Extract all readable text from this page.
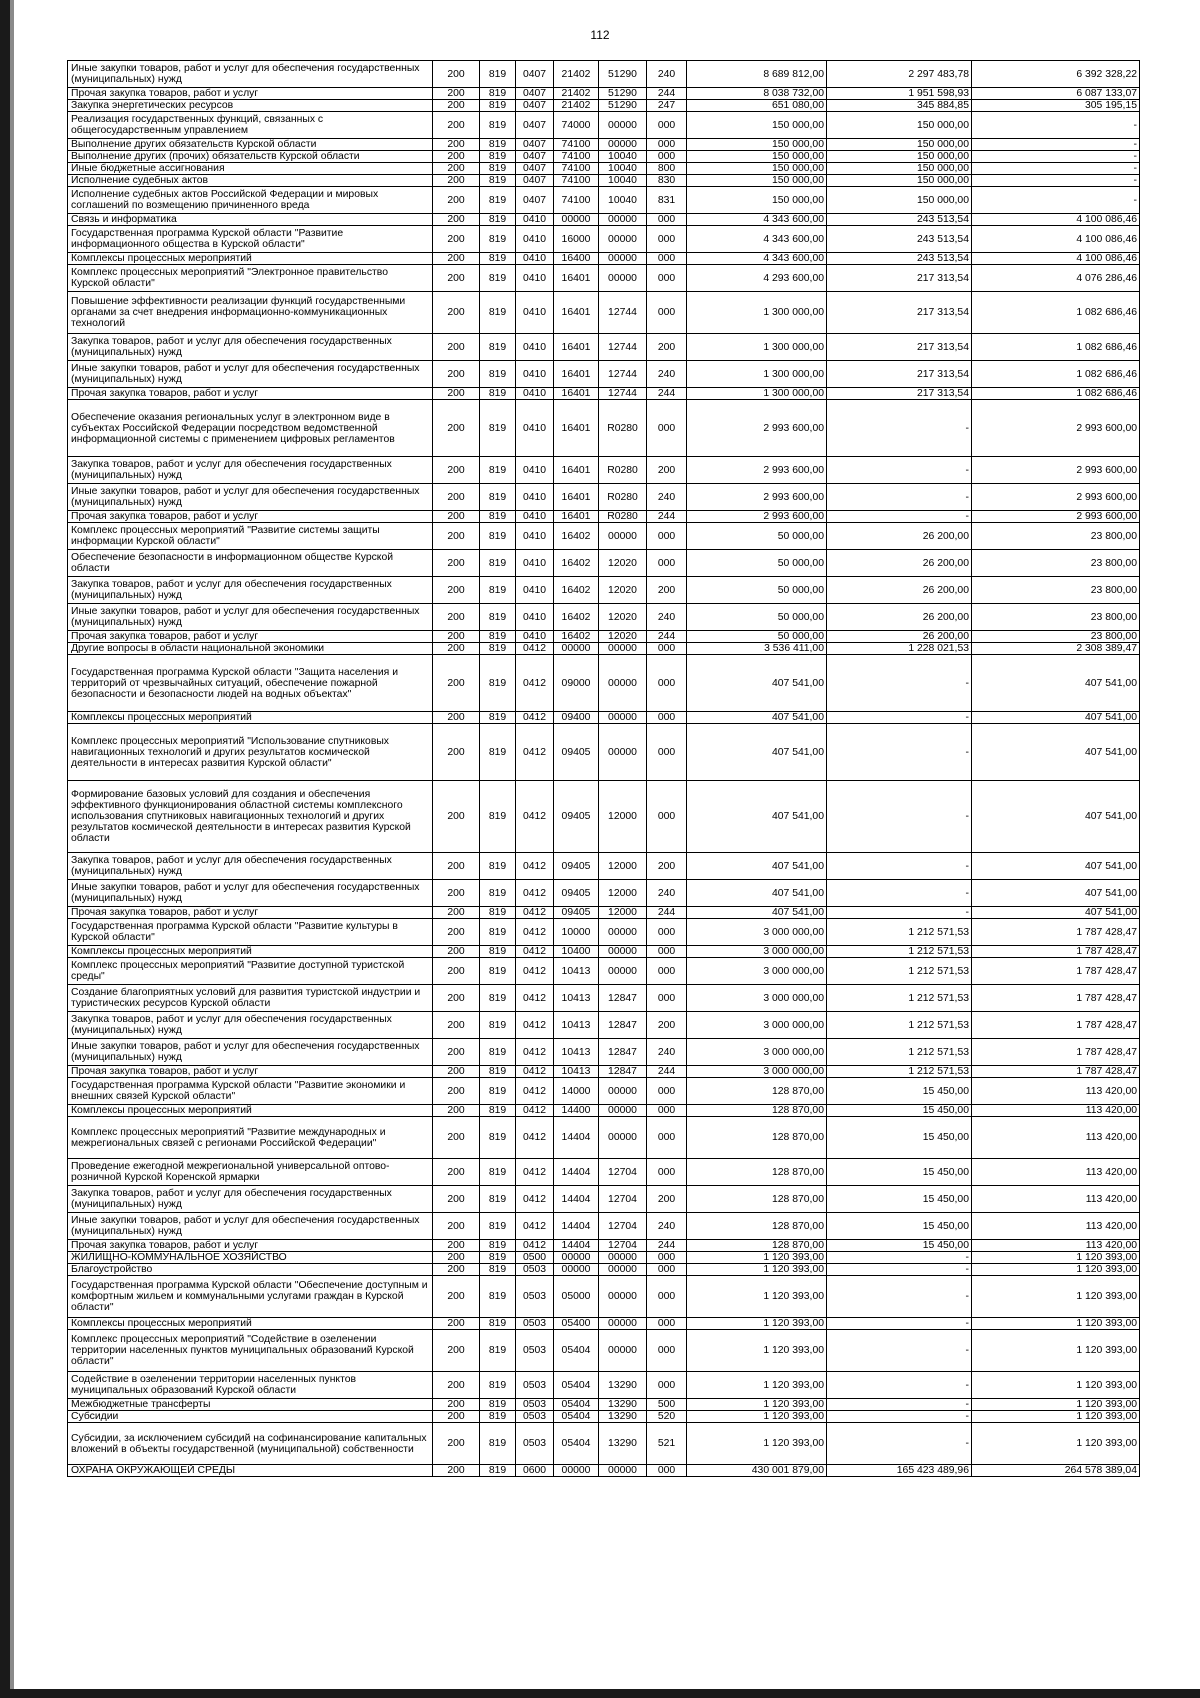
112
Иные закупки товаров, работ и услуг для обеспечения государственных (муниципальных) нужд	200	819	0407	21402	51290	240	8 689 812,00	2 297 483,78	6 392 328,22
Прочая закупка товаров, работ и услуг	200	819	0407	21402	51290	244	8 038 732,00	1 951 598,93	6 087 133,07
Закупка энергетических ресурсов	200	819	0407	21402	51290	247	651 080,00	345 884,85	305 195,15
Реализация государственных функций, связанных с общегосударственным управлением	200	819	0407	74000	00000	000	150 000,00	150 000,00	-
Выполнение других обязательств Курской области	200	819	0407	74100	00000	000	150 000,00	150 000,00	-
Выполнение других (прочих) обязательств Курской области	200	819	0407	74100	10040	000	150 000,00	150 000,00	-
Иные бюджетные ассигнования	200	819	0407	74100	10040	800	150 000,00	150 000,00	-
Исполнение судебных актов	200	819	0407	74100	10040	830	150 000,00	150 000,00	-
Исполнение судебных актов Российской Федерации и мировых соглашений по возмещению причиненного вреда	200	819	0407	74100	10040	831	150 000,00	150 000,00	-
Связь и информатика	200	819	0410	00000	00000	000	4 343 600,00	243 513,54	4 100 086,46
Государственная программа Курской области "Развитие информационного общества в Курской области"	200	819	0410	16000	00000	000	4 343 600,00	243 513,54	4 100 086,46
Комплексы процессных мероприятий	200	819	0410	16400	00000	000	4 343 600,00	243 513,54	4 100 086,46
Комплекс процессных мероприятий "Электронное правительство Курской области"	200	819	0410	16401	00000	000	4 293 600,00	217 313,54	4 076 286,46
Повышение эффективности реализации функций государственными органами за счет внедрения информационно-коммуникационных технологий	200	819	0410	16401	12744	000	1 300 000,00	217 313,54	1 082 686,46
Закупка товаров, работ и услуг для обеспечения государственных (муниципальных) нужд	200	819	0410	16401	12744	200	1 300 000,00	217 313,54	1 082 686,46
Иные закупки товаров, работ и услуг для обеспечения государственных (муниципальных) нужд	200	819	0410	16401	12744	240	1 300 000,00	217 313,54	1 082 686,46
Прочая закупка товаров, работ и услуг	200	819	0410	16401	12744	244	1 300 000,00	217 313,54	1 082 686,46
Обеспечение оказания региональных услуг в электронном виде в субъектах Российской Федерации посредством ведомственной информационной системы с применением цифровых регламентов	200	819	0410	16401	R0280	000	2 993 600,00	-	2 993 600,00
Закупка товаров, работ и услуг для обеспечения государственных (муниципальных) нужд	200	819	0410	16401	R0280	200	2 993 600,00	-	2 993 600,00
Иные закупки товаров, работ и услуг для обеспечения государственных (муниципальных) нужд	200	819	0410	16401	R0280	240	2 993 600,00	-	2 993 600,00
Прочая закупка товаров, работ и услуг	200	819	0410	16401	R0280	244	2 993 600,00	-	2 993 600,00
Комплекс процессных мероприятий "Развитие системы защиты информации Курской области"	200	819	0410	16402	00000	000	50 000,00	26 200,00	23 800,00
Обеспечение безопасности в информационном обществе Курской области	200	819	0410	16402	12020	000	50 000,00	26 200,00	23 800,00
Закупка товаров, работ и услуг для обеспечения государственных (муниципальных) нужд	200	819	0410	16402	12020	200	50 000,00	26 200,00	23 800,00
Иные закупки товаров, работ и услуг для обеспечения государственных (муниципальных) нужд	200	819	0410	16402	12020	240	50 000,00	26 200,00	23 800,00
Прочая закупка товаров, работ и услуг	200	819	0410	16402	12020	244	50 000,00	26 200,00	23 800,00
Другие вопросы в области национальной экономики	200	819	0412	00000	00000	000	3 536 411,00	1 228 021,53	2 308 389,47
Государственная программа Курской области "Защита населения и территорий от чрезвычайных ситуаций, обеспечение пожарной безопасности и безопасности людей на водных объектах"	200	819	0412	09000	00000	000	407 541,00	-	407 541,00
Комплексы процессных мероприятий	200	819	0412	09400	00000	000	407 541,00	-	407 541,00
Комплекс процессных мероприятий "Использование спутниковых навигационных технологий и других результатов космической деятельности в интересах развития Курской области"	200	819	0412	09405	00000	000	407 541,00	-	407 541,00
Формирование базовых условий для создания и обеспечения эффективного функционирования областной системы комплексного использования спутниковых навигационных технологий и других результатов космической деятельности в интересах развития Курской области	200	819	0412	09405	12000	000	407 541,00	-	407 541,00
Закупка товаров, работ и услуг для обеспечения государственных (муниципальных) нужд	200	819	0412	09405	12000	200	407 541,00	-	407 541,00
Иные закупки товаров, работ и услуг для обеспечения государственных (муниципальных) нужд	200	819	0412	09405	12000	240	407 541,00	-	407 541,00
Прочая закупка товаров, работ и услуг	200	819	0412	09405	12000	244	407 541,00	-	407 541,00
Государственная программа Курской области "Развитие культуры в Курской области"	200	819	0412	10000	00000	000	3 000 000,00	1 212 571,53	1 787 428,47
Комплексы процессных мероприятий	200	819	0412	10400	00000	000	3 000 000,00	1 212 571,53	1 787 428,47
Комплекс процессных мероприятий "Развитие доступной туристской среды"	200	819	0412	10413	00000	000	3 000 000,00	1 212 571,53	1 787 428,47
Создание благоприятных условий для развития туристской индустрии и туристических ресурсов Курской области	200	819	0412	10413	12847	000	3 000 000,00	1 212 571,53	1 787 428,47
Закупка товаров, работ и услуг для обеспечения государственных (муниципальных) нужд	200	819	0412	10413	12847	200	3 000 000,00	1 212 571,53	1 787 428,47
Иные закупки товаров, работ и услуг для обеспечения государственных (муниципальных) нужд	200	819	0412	10413	12847	240	3 000 000,00	1 212 571,53	1 787 428,47
Прочая закупка товаров, работ и услуг	200	819	0412	10413	12847	244	3 000 000,00	1 212 571,53	1 787 428,47
Государственная программа Курской области "Развитие экономики и внешних связей Курской области"	200	819	0412	14000	00000	000	128 870,00	15 450,00	113 420,00
Комплексы процессных мероприятий	200	819	0412	14400	00000	000	128 870,00	15 450,00	113 420,00
Комплекс процессных мероприятий "Развитие международных и межрегиональных связей с регионами Российской Федерации"	200	819	0412	14404	00000	000	128 870,00	15 450,00	113 420,00
Проведение ежегодной межрегиональной универсальной оптово-розничной Курской Коренской ярмарки	200	819	0412	14404	12704	000	128 870,00	15 450,00	113 420,00
Закупка товаров, работ и услуг для обеспечения государственных (муниципальных) нужд	200	819	0412	14404	12704	200	128 870,00	15 450,00	113 420,00
Иные закупки товаров, работ и услуг для обеспечения государственных (муниципальных) нужд	200	819	0412	14404	12704	240	128 870,00	15 450,00	113 420,00
Прочая закупка товаров, работ и услуг	200	819	0412	14404	12704	244	128 870,00	15 450,00	113 420,00
ЖИЛИЩНО-КОММУНАЛЬНОЕ ХОЗЯЙСТВО	200	819	0500	00000	00000	000	1 120 393,00	-	1 120 393,00
Благоустройство	200	819	0503	00000	00000	000	1 120 393,00	-	1 120 393,00
Государственная программа Курской области "Обеспечение доступным и комфортным жильем и коммунальными услугами граждан в Курской области"	200	819	0503	05000	00000	000	1 120 393,00	-	1 120 393,00
Комплексы процессных мероприятий	200	819	0503	05400	00000	000	1 120 393,00	-	1 120 393,00
Комплекс процессных мероприятий "Содействие в озеленении территории населенных пунктов муниципальных образований Курской области"	200	819	0503	05404	00000	000	1 120 393,00	-	1 120 393,00
Содействие в озеленении территории населенных пунктов муниципальных образований Курской области	200	819	0503	05404	13290	000	1 120 393,00	-	1 120 393,00
Межбюджетные трансферты	200	819	0503	05404	13290	500	1 120 393,00	-	1 120 393,00
Субсидии	200	819	0503	05404	13290	520	1 120 393,00	-	1 120 393,00
Субсидии, за исключением субсидий на софинансирование капитальных вложений в объекты государственной (муниципальной) собственности	200	819	0503	05404	13290	521	1 120 393,00	-	1 120 393,00
ОХРАНА ОКРУЖАЮЩЕЙ СРЕДЫ	200	819	0600	00000	00000	000	430 001 879,00	165 423 489,96	264 578 389,04
